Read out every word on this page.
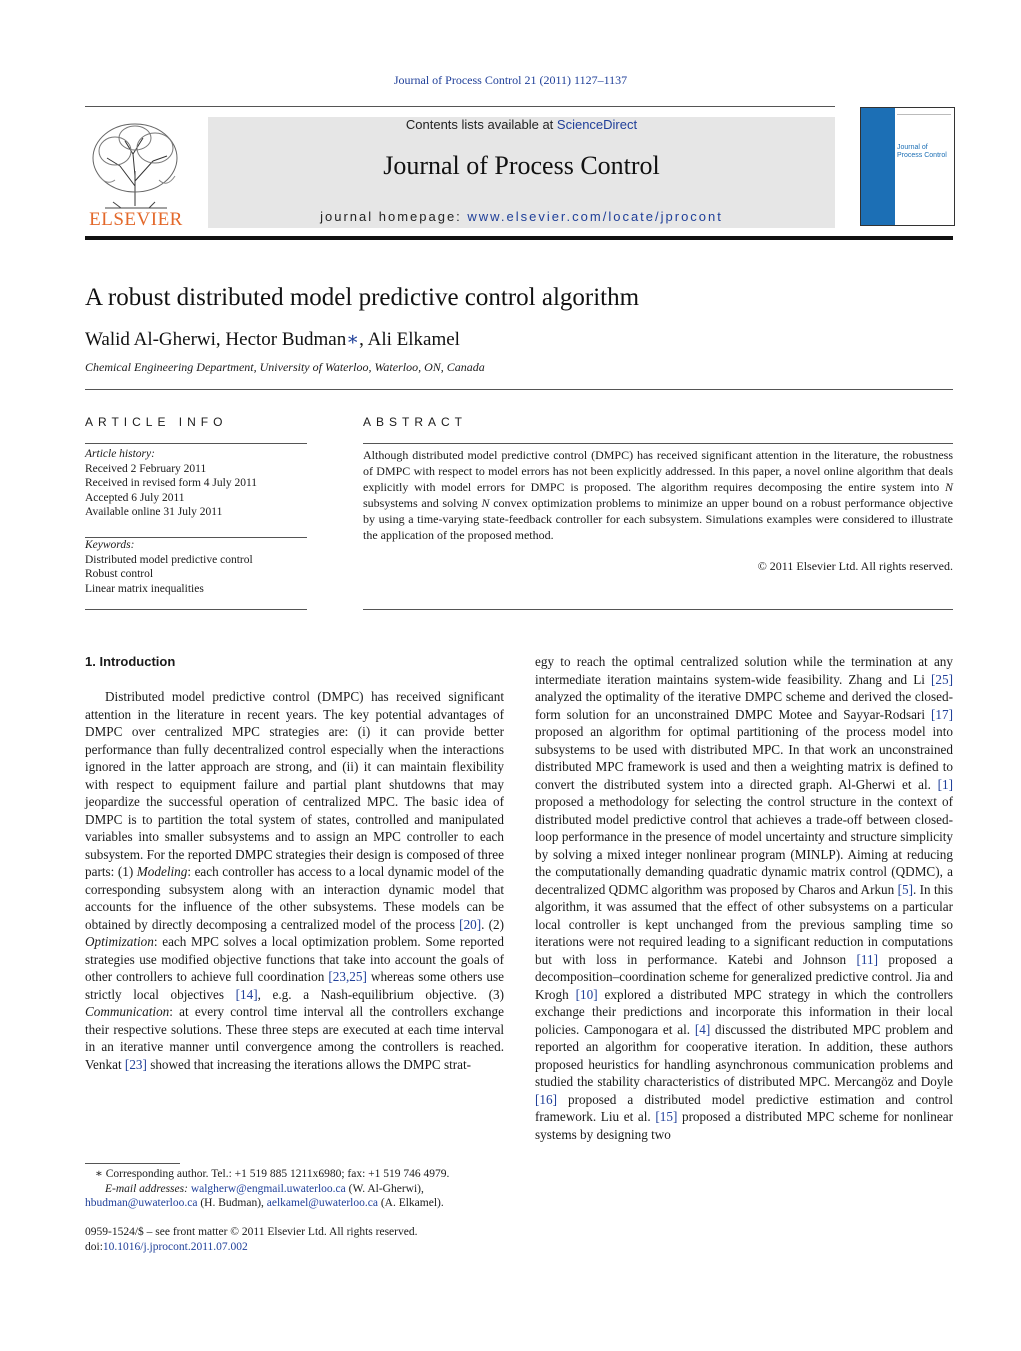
Journal of Process Control 21 (2011) 1127–1137
ELSEVIER
Contents lists available at ScienceDirect
Journal of Process Control
journal homepage: www.elsevier.com/locate/jprocont
Journal of
Process Control
A robust distributed model predictive control algorithm
Walid Al-Gherwi, Hector Budman∗, Ali Elkamel
Chemical Engineering Department, University of Waterloo, Waterloo, ON, Canada
ARTICLE INFO
Article history:
Received 2 February 2011
Received in revised form 4 July 2011
Accepted 6 July 2011
Available online 31 July 2011
Keywords:
Distributed model predictive control
Robust control
Linear matrix inequalities
ABSTRACT
Although distributed model predictive control (DMPC) has received significant attention in the literature, the robustness of DMPC with respect to model errors has not been explicitly addressed. In this paper, a novel online algorithm that deals explicitly with model errors for DMPC is proposed. The algorithm requires decomposing the entire system into N subsystems and solving N convex optimization problems to minimize an upper bound on a robust performance objective by using a time-varying state-feedback controller for each subsystem. Simulations examples were considered to illustrate the application of the proposed method.
© 2011 Elsevier Ltd. All rights reserved.
1. Introduction
Distributed model predictive control (DMPC) has received significant attention in the literature in recent years. The key potential advantages of DMPC over centralized MPC strategies are: (i) it can provide better performance than fully decentralized control especially when the interactions ignored in the latter approach are strong, and (ii) it can maintain flexibility with respect to equipment failure and partial plant shutdowns that may jeopardize the successful operation of centralized MPC. The basic idea of DMPC is to partition the total system of states, controlled and manipulated variables into smaller subsystems and to assign an MPC controller to each subsystem. For the reported DMPC strategies their design is composed of three parts: (1) Modeling: each controller has access to a local dynamic model of the corresponding subsystem along with an interaction dynamic model that accounts for the influence of the other subsystems. These models can be obtained by directly decomposing a centralized model of the process [20]. (2) Optimization: each MPC solves a local optimization problem. Some reported strategies use modified objective functions that take into account the goals of other controllers to achieve full coordination [23,25] whereas some others use strictly local objectives [14], e.g. a Nash-equilibrium objective. (3) Communication: at every control time interval all the controllers exchange their respective solutions. These three steps are executed at each time interval in an iterative manner until convergence among the controllers is reached. Venkat [23] showed that increasing the iterations allows the DMPC strat-
egy to reach the optimal centralized solution while the termination at any intermediate iteration maintains system-wide feasibility. Zhang and Li [25] analyzed the optimality of the iterative DMPC scheme and derived the closed-form solution for an unconstrained DMPC Motee and Sayyar-Rodsari [17] proposed an algorithm for optimal partitioning of the process model into subsystems to be used with distributed MPC. In that work an unconstrained distributed MPC framework is used and then a weighting matrix is defined to convert the distributed system into a directed graph. Al-Gherwi et al. [1] proposed a methodology for selecting the control structure in the context of distributed model predictive control that achieves a trade-off between closed-loop performance in the presence of model uncertainty and structure simplicity by solving a mixed integer nonlinear program (MINLP). Aiming at reducing the computationally demanding quadratic dynamic matrix control (QDMC), a decentralized QDMC algorithm was proposed by Charos and Arkun [5]. In this algorithm, it was assumed that the effect of other subsystems on a particular local controller is kept unchanged from the previous sampling time so iterations were not required leading to a significant reduction in computations but with loss in performance. Katebi and Johnson [11] proposed a decomposition–coordination scheme for generalized predictive control. Jia and Krogh [10] explored a distributed MPC strategy in which the controllers exchange their predictions and incorporate this information in their local policies. Camponogara et al. [4] discussed the distributed MPC problem and reported an algorithm for cooperative iteration. In addition, these authors proposed heuristics for handling asynchronous communication problems and studied the stability characteristics of distributed MPC. Mercangöz and Doyle [16] proposed a distributed model predictive estimation and control framework. Liu et al. [15] proposed a distributed MPC scheme for nonlinear systems by designing two
∗ Corresponding author. Tel.: +1 519 885 1211x6980; fax: +1 519 746 4979.
E-mail addresses: walgherw@engmail.uwaterloo.ca (W. Al-Gherwi),
hbudman@uwaterloo.ca (H. Budman), aelkamel@uwaterloo.ca (A. Elkamel).
0959-1524/$ – see front matter © 2011 Elsevier Ltd. All rights reserved.
doi:10.1016/j.jprocont.2011.07.002
